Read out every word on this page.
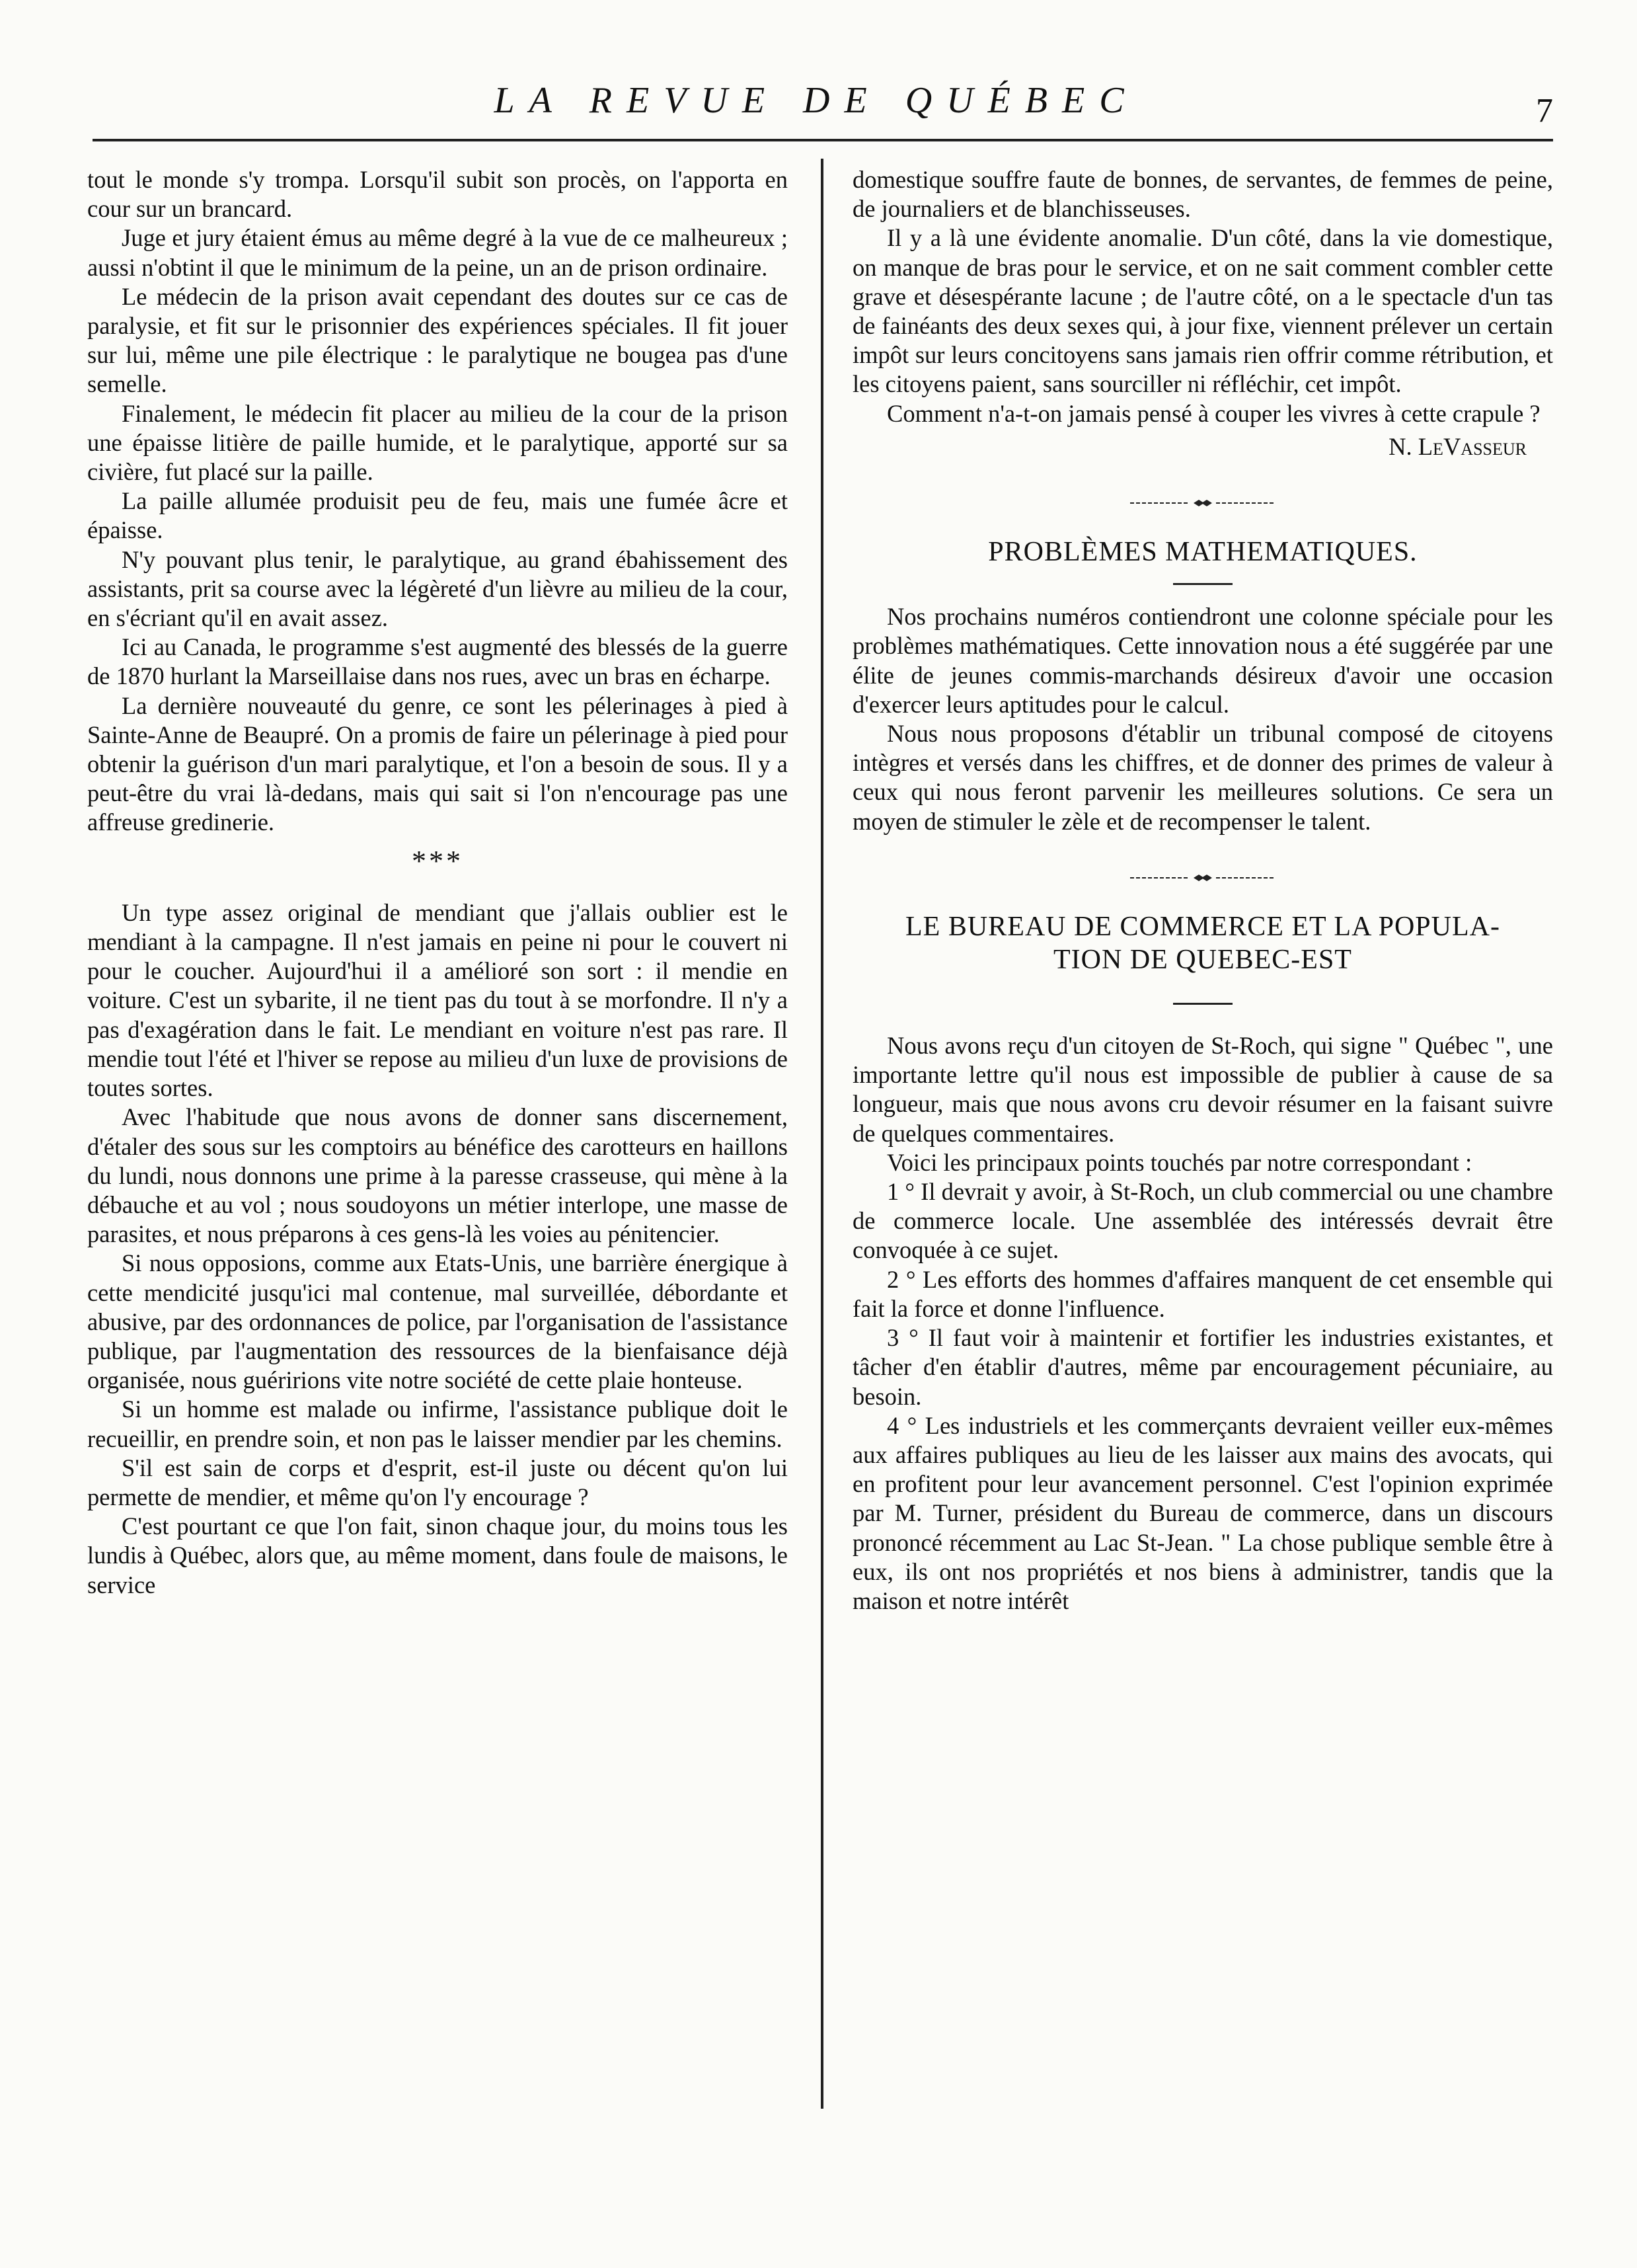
LA REVUE DE QUÉBEC	7

tout le monde s'y trompa. Lorsqu'il subit son procès, on l'apporta en cour sur un brancard.

Juge et jury étaient émus au même degré à la vue de ce malheureux ; aussi n'obtint il que le minimum de la peine, un an de prison ordinaire.

Le médecin de la prison avait cependant des doutes sur ce cas de paralysie, et fit sur le prisonnier des expériences spéciales. Il fit jouer sur lui, même une pile électrique : le paralytique ne bougea pas d'une semelle.

Finalement, le médecin fit placer au milieu de la cour de la prison une épaisse litière de paille humide, et le paralytique, apporté sur sa civière, fut placé sur la paille.

La paille allumée produisit peu de feu, mais une fumée âcre et épaisse.

N'y pouvant plus tenir, le paralytique, au grand ébahissement des assistants, prit sa course avec la légèreté d'un lièvre au milieu de la cour, en s'écriant qu'il en avait assez.

Ici au Canada, le programme s'est augmenté des blessés de la guerre de 1870 hurlant la Marseillaise dans nos rues, avec un bras en écharpe.

La dernière nouveauté du genre, ce sont les pélerinages à pied à Sainte-Anne de Beaupré. On a promis de faire un pélerinage à pied pour obtenir la guérison d'un mari paralytique, et l'on a besoin de sous. Il y a peut-être du vrai là-dedans, mais qui sait si l'on n'encourage pas une affreuse gredinerie.

***

Un type assez original de mendiant que j'allais oublier est le mendiant à la campagne. Il n'est jamais en peine ni pour le couvert ni pour le coucher. Aujourd'hui il a amélioré son sort : il mendie en voiture. C'est un sybarite, il ne tient pas du tout à se morfondre. Il n'y a pas d'exagération dans le fait. Le mendiant en voiture n'est pas rare. Il mendie tout l'été et l'hiver se repose au milieu d'un luxe de provisions de toutes sortes.

Avec l'habitude que nous avons de donner sans discernement, d'étaler des sous sur les comptoirs au bénéfice des carotteurs en haillons du lundi, nous donnons une prime à la paresse crasseuse, qui mène à la débauche et au vol ; nous soudoyons un métier interlope, une masse de parasites, et nous préparons à ces gens-là les voies au pénitencier.

Si nous opposions, comme aux Etats-Unis, une barrière énergique à cette mendicité jusqu'ici mal contenue, mal surveillée, débordante et abusive, par des ordonnances de police, par l'organisation de l'assistance publique, par l'augmentation des ressources de la bienfaisance déjà organisée, nous guéririons vite notre société de cette plaie honteuse.

Si un homme est malade ou infirme, l'assistance publique doit le recueillir, en prendre soin, et non pas le laisser mendier par les chemins.

S'il est sain de corps et d'esprit, est-il juste ou décent qu'on lui permette de mendier, et même qu'on l'y encourage ?

C'est pourtant ce que l'on fait, sinon chaque jour, du moins tous les lundis à Québec, alors que, au même moment, dans foule de maisons, le service

domestique souffre faute de bonnes, de servantes, de femmes de peine, de journaliers et de blanchisseuses.

Il y a là une évidente anomalie. D'un côté, dans la vie domestique, on manque de bras pour le service, et on ne sait comment combler cette grave et désespérante lacune ; de l'autre côté, on a le spectacle d'un tas de fainéants des deux sexes qui, à jour fixe, viennent prélever un certain impôt sur leurs concitoyens sans jamais rien offrir comme rétribution, et les citoyens paient, sans sourciller ni réfléchir, cet impôt.

Comment n'a-t-on jamais pensé à couper les vivres à cette crapule ?

N. LeVasseur
PROBLÈMES MATHEMATIQUES.

Nos prochains numéros contiendront une colonne spéciale pour les problèmes mathématiques. Cette innovation nous a été suggérée par une élite de jeunes commis-marchands désireux d'avoir une occasion d'exercer leurs aptitudes pour le calcul.

Nous nous proposons d'établir un tribunal composé de citoyens intègres et versés dans les chiffres, et de donner des primes de valeur à ceux qui nous feront parvenir les meilleures solutions. Ce sera un moyen de stimuler le zèle et de recompenser le talent.

LE BUREAU DE COMMERCE ET LA POPULA-
TION DE QUEBEC-EST

Nous avons reçu d'un citoyen de St-Roch, qui signe " Québec ", une importante lettre qu'il nous est impossible de publier à cause de sa longueur, mais que nous avons cru devoir résumer en la faisant suivre de quelques commentaires.

Voici les principaux points touchés par notre correspondant :

1 ° Il devrait y avoir, à St-Roch, un club commercial ou une chambre de commerce locale. Une assemblée des intéressés devrait être convoquée à ce sujet.

2 ° Les efforts des hommes d'affaires manquent de cet ensemble qui fait la force et donne l'influence.

3 ° Il faut voir à maintenir et fortifier les industries existantes, et tâcher d'en établir d'autres, même par encouragement pécuniaire, au besoin.

4 ° Les industriels et les commerçants devraient veiller eux-mêmes aux affaires publiques au lieu de les laisser aux mains des avocats, qui en profitent pour leur avancement personnel. C'est l'opinion exprimée par M. Turner, président du Bureau de commerce, dans un discours prononcé récemment au Lac St-Jean. " La chose publique semble être à eux, ils ont nos propriétés et nos biens à administrer, tandis que la maison et notre intérêt
